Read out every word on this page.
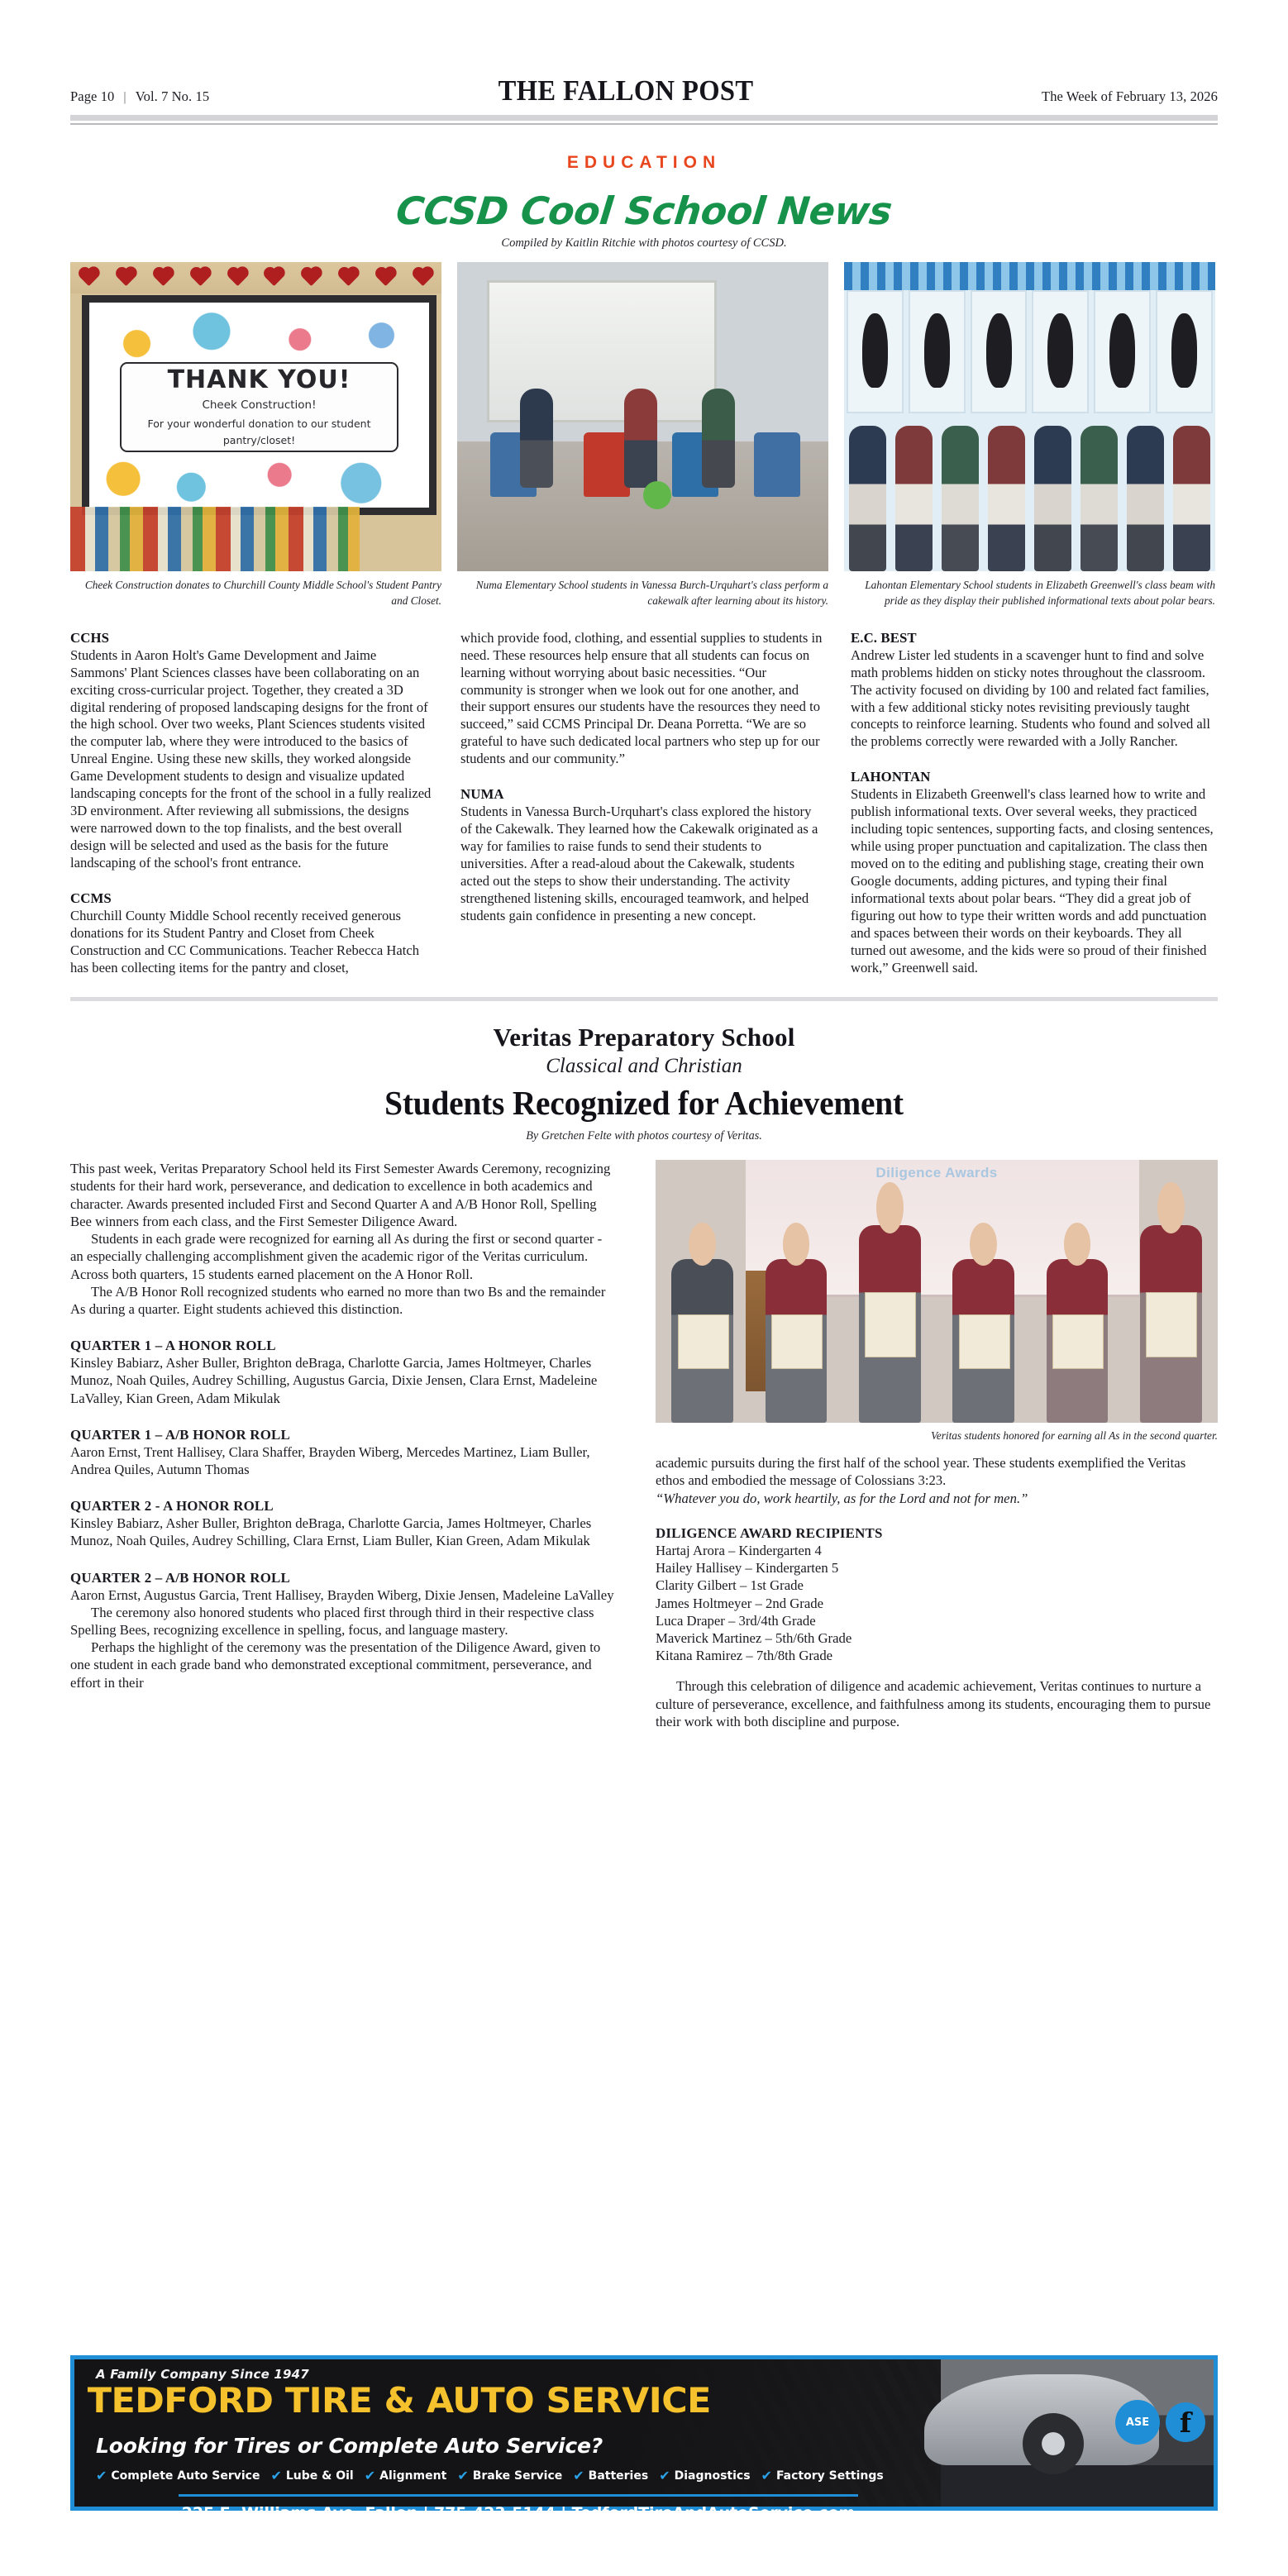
Page 10 | Vol. 7 No. 15	THE FALLON POST	The Week of February 13, 2026
EDUCATION
CCSD Cool School News
Compiled by Kaitlin Ritchie with photos courtesy of CCSD.
THANK YOU!
Cheek Construction!
For your wonderful donation to our student pantry/closet!
Cheek Construction donates to Churchill County Middle School's Student Pantry and Closet.
Numa Elementary School students in Vanessa Burch-Urquhart's class perform a cakewalk after learning about its history.
Lahontan Elementary School students in Elizabeth Greenwell's class beam with pride as they display their published informational texts about polar bears.
CCHS

Students in Aaron Holt's Game Development and Jaime Sammons' Plant Sciences classes have been collaborating on an exciting cross-curricular project. Together, they created a 3D digital rendering of proposed landscaping designs for the front of the high school. Over two weeks, Plant Sciences students visited the computer lab, where they were introduced to the basics of Unreal Engine. Using these new skills, they worked alongside Game Development students to design and visualize updated landscaping concepts for the front of the school in a fully realized 3D environment. After reviewing all submissions, the designs were narrowed down to the top finalists, and the best overall design will be selected and used as the basis for the future landscaping of the school's front entrance.

CCMS

Churchill County Middle School recently received generous donations for its Student Pantry and Closet from Cheek Construction and CC Communications. Teacher Rebecca Hatch has been collecting items for the pantry and closet,

which provide food, clothing, and essential supplies to students in need. These resources help ensure that all students can focus on learning without worrying about basic necessities. “Our community is stronger when we look out for one another, and their support ensures our students have the resources they need to succeed,” said CCMS Principal Dr. Deana Porretta. “We are so grateful to have such dedicated local partners who step up for our students and our community.”

NUMA

Students in Vanessa Burch-Urquhart's class explored the history of the Cakewalk. They learned how the Cakewalk originated as a way for families to raise funds to send their students to universities. After a read-aloud about the Cakewalk, students acted out the steps to show their understanding. The activity strengthened listening skills, encouraged teamwork, and helped students gain confidence in presenting a new concept.

E.C. BEST

Andrew Lister led students in a scavenger hunt to find and solve math problems hidden on sticky notes throughout the classroom. The activity focused on dividing by 100 and related fact families, with a few additional sticky notes revisiting previously taught concepts to reinforce learning. Students who found and solved all the problems correctly were rewarded with a Jolly Rancher.

LAHONTAN

Students in Elizabeth Greenwell's class learned how to write and publish informational texts. Over several weeks, they practiced including topic sentences, supporting facts, and closing sentences, while using proper punctuation and capitalization. The class then moved on to the editing and publishing stage, creating their own Google documents, adding pictures, and typing their final informational texts about polar bears. “They did a great job of figuring out how to type their written words and add punctuation and spaces between their words on their keyboards. They all turned out awesome, and the kids were so proud of their finished work,” Greenwell said.

Veritas Preparatory School
Classical and Christian
Students Recognized for Achievement
By Gretchen Felte with photos courtesy of Veritas.

This past week, Veritas Preparatory School held its First Semester Awards Ceremony, recognizing students for their hard work, perseverance, and dedication to excellence in both academics and character. Awards presented included First and Second Quarter A and A/B Honor Roll, Spelling Bee winners from each class, and the First Semester Diligence Award.

Students in each grade were recognized for earning all As during the first or second quarter - an especially challenging accomplishment given the academic rigor of the Veritas curriculum. Across both quarters, 15 students earned placement on the A Honor Roll.

The A/B Honor Roll recognized students who earned no more than two Bs and the remainder As during a quarter. Eight students achieved this distinction.

QUARTER 1 – A HONOR ROLL
Kinsley Babiarz, Asher Buller, Brighton deBraga, Charlotte Garcia, James Holtmeyer, Charles Munoz, Noah Quiles, Audrey Schilling, Augustus Garcia, Dixie Jensen, Clara Ernst, Madeleine LaValley, Kian Green, Adam Mikulak
QUARTER 1 – A/B HONOR ROLL
Aaron Ernst, Trent Hallisey, Clara Shaffer, Brayden Wiberg, Mercedes Martinez, Liam Buller, Andrea Quiles, Autumn Thomas
QUARTER 2 - A HONOR ROLL
Kinsley Babiarz, Asher Buller, Brighton deBraga, Charlotte Garcia, James Holtmeyer, Charles Munoz, Noah Quiles, Audrey Schilling, Clara Ernst, Liam Buller, Kian Green, Adam Mikulak
QUARTER 2 – A/B HONOR ROLL
Aaron Ernst, Augustus Garcia, Trent Hallisey, Brayden Wiberg, Dixie Jensen, Madeleine LaValley

The ceremony also honored students who placed first through third in their respective class Spelling Bees, recognizing excellence in spelling, focus, and language mastery.

Perhaps the highlight of the ceremony was the presentation of the Diligence Award, given to one student in each grade band who demonstrated exceptional commitment, perseverance, and effort in their

Diligence Awards
Veritas students honored for earning all As in the second quarter.

academic pursuits during the first half of the school year. These students exemplified the Veritas ethos and embodied the message of Colossians 3:23.

“Whatever you do, work heartily, as for the Lord and not for men.”

DILIGENCE AWARD RECIPIENTS
Hartaj Arora – Kindergarten 4
Hailey Hallisey – Kindergarten 5
Clarity Gilbert – 1st Grade
James Holtmeyer – 2nd Grade
Luca Draper – 3rd/4th Grade
Maverick Martinez – 5th/6th Grade
Kitana Ramirez – 7th/8th Grade

Through this celebration of diligence and academic achievement, Veritas continues to nurture a culture of perseverance, excellence, and faithfulness among its students, encouraging them to pursue their work with both discipline and purpose.

A Family Company Since 1947
TEDFORD TIRE & AUTO SERVICE
Looking for Tires or Complete Auto Service?
✔ Complete Auto Service ✔ Lube & Oil ✔ Alignment ✔ Brake Service ✔ Batteries ✔ Diagnostics ✔ Factory Settings
225 E. Williams Ave, Fallon | 775-423-5144 | TedfordTireAndAutoService.com
ASE	f
